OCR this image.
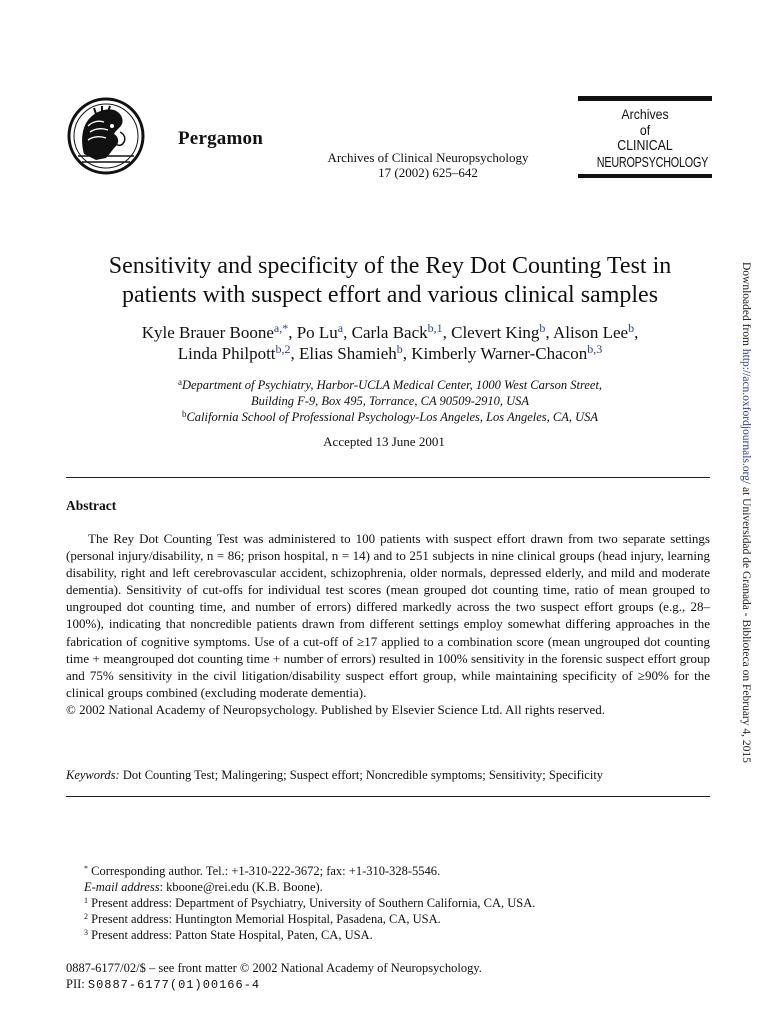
Pergamon
Archives of Clinical Neuropsychology
17 (2002) 625–642
Archives
of
CLINICAL
NEUROPSYCHOLOGY
Sensitivity and specificity of the Rey Dot Counting Test in
patients with suspect effort and various clinical samples
Kyle Brauer Boone$^{a,*}$, Po Lu$^a$, Carla Back$^{b,1}$, Clevert King$^b$, Alison Lee$^b$,
Linda Philpott$^{b,2}$, Elias Shamieh$^b$, Kimberly Warner-Chacon$^{b,3}$
$^a$Department of Psychiatry, Harbor-UCLA Medical Center, 1000 West Carson Street,
Building F-9, Box 495, Torrance, CA 90509-2910, USA
$^b$California School of Professional Psychology-Los Angeles, Los Angeles, CA, USA
Accepted 13 June 2001
Abstract

The Rey Dot Counting Test was administered to 100 patients with suspect effort drawn from two separate settings (personal injury/disability, n = 86; prison hospital, n = 14) and to 251 subjects in nine clinical groups (head injury, learning disability, right and left cerebrovascular accident, schizophrenia, older normals, depressed elderly, and mild and moderate dementia). Sensitivity of cut-offs for individual test scores (mean grouped dot counting time, ratio of mean grouped to ungrouped dot counting time, and number of errors) differed markedly across the two suspect effort groups (e.g., 28–100%), indicating that noncredible patients drawn from different settings employ somewhat differing approaches in the fabrication of cognitive symptoms. Use of a cut-off of ≥17 applied to a combination score (mean ungrouped dot counting time + meangrouped dot counting time + number of errors) resulted in 100% sensitivity in the forensic suspect effort group and 75% sensitivity in the civil litigation/disability suspect effort group, while maintaining specificity of ≥90% for the clinical groups combined (excluding moderate dementia).

© 2002 National Academy of Neuropsychology. Published by Elsevier Science Ltd. All rights reserved.

Keywords: Dot Counting Test; Malingering; Suspect effort; Noncredible symptoms; Sensitivity; Specificity
* Corresponding author. Tel.: +1-310-222-3672; fax: +1-310-328-5546.
E-mail address: kboone@rei.edu (K.B. Boone).
$^1$ Present address: Department of Psychiatry, University of Southern California, CA, USA.
$^2$ Present address: Huntington Memorial Hospital, Pasadena, CA, USA.
$^3$ Present address: Patton State Hospital, Paten, CA, USA.
0887-6177/02/$ – see front matter © 2002 National Academy of Neuropsychology.
PII: S0887-6177(01)00166-4
Downloaded from http://acn.oxfordjournals.org/ at Universidad de Granada - Biblioteca on February 4, 2015
